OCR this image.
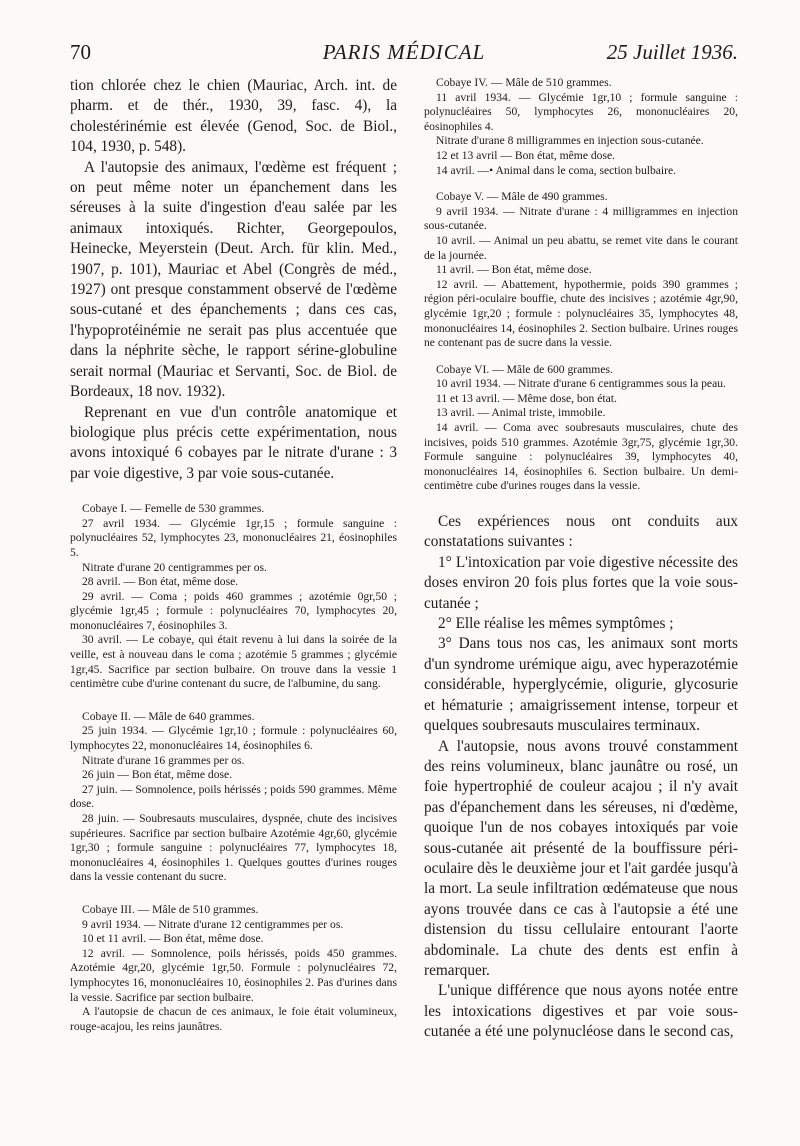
70	PARIS MÉDICAL	25 Juillet 1936.

tion chlorée chez le chien (Mauriac, Arch. int. de pharm. et de thér., 1930, 39, fasc. 4), la cholestérinémie est élevée (Genod, Soc. de Biol., 104, 1930, p. 548).

A l'autopsie des animaux, l'œdème est fréquent ; on peut même noter un épanchement dans les séreuses à la suite d'ingestion d'eau salée par les animaux intoxiqués. Richter, Georgepoulos, Heinecke, Meyerstein (Deut. Arch. für klin. Med., 1907, p. 101), Mauriac et Abel (Congrès de méd., 1927) ont presque constamment observé de l'œdème sous-cutané et des épanchements ; dans ces cas, l'hypoprotéinémie ne serait pas plus accentuée que dans la néphrite sèche, le rapport sérine-globuline serait normal (Mauriac et Servanti, Soc. de Biol. de Bordeaux, 18 nov. 1932).

Reprenant en vue d'un contrôle anatomique et biologique plus précis cette expérimentation, nous avons intoxiqué 6 cobayes par le nitrate d'urane : 3 par voie digestive, 3 par voie sous-cutanée.

Cobaye I. — Femelle de 530 grammes.

27 avril 1934. — Glycémie 1gr,15 ; formule sanguine : polynucléaires 52, lymphocytes 23, mononucléaires 21, éosinophiles 5.

Nitrate d'urane 20 centigrammes per os.

28 avril. — Bon état, même dose.

29 avril. — Coma ; poids 460 grammes ; azotémie 0gr,50 ; glycémie 1gr,45 ; formule : polynucléaires 70, lymphocytes 20, mononucléaires 7, éosinophiles 3.

30 avril. — Le cobaye, qui était revenu à lui dans la soirée de la veille, est à nouveau dans le coma ; azotémie 5 grammes ; glycémie 1gr,45. Sacrifice par section bulbaire. On trouve dans la vessie 1 centimètre cube d'urine contenant du sucre, de l'albumine, du sang.

Cobaye II. — Mâle de 640 grammes.

25 juin 1934. — Glycémie 1gr,10 ; formule : polynucléaires 60, lymphocytes 22, mononucléaires 14, éosinophiles 6.

Nitrate d'urane 16 grammes per os.

26 juin — Bon état, même dose.

27 juin. — Somnolence, poils hérissés ; poids 590 grammes. Même dose.

28 juin. — Soubresauts musculaires, dyspnée, chute des incisives supérieures. Sacrifice par section bulbaire Azotémie 4gr,60, glycémie 1gr,30 ; formule sanguine : polynucléaires 77, lymphocytes 18, mononucléaires 4, éosinophiles 1. Quelques gouttes d'urines rouges dans la vessie contenant du sucre.

Cobaye III. — Mâle de 510 grammes.

9 avril 1934. — Nitrate d'urane 12 centigrammes per os.

10 et 11 avril. — Bon état, même dose.

12 avril. — Somnolence, poils hérissés, poids 450 grammes. Azotémie 4gr,20, glycémie 1gr,50. Formule : polynucléaires 72, lymphocytes 16, mononucléaires 10, éosinophiles 2. Pas d'urines dans la vessie. Sacrifice par section bulbaire.

A l'autopsie de chacun de ces animaux, le foie était volumineux, rouge-acajou, les reins jaunâtres.

Cobaye IV. — Mâle de 510 grammes.

11 avril 1934. — Glycémie 1gr,10 ; formule sanguine : polynucléaires 50, lymphocytes 26, mononucléaires 20, éosinophiles 4.

Nitrate d'urane 8 milligrammes en injection sous-cutanée.

12 et 13 avril — Bon état, même dose.

14 avril. —• Animal dans le coma, section bulbaire.

Cobaye V. — Mâle de 490 grammes.

9 avril 1934. — Nitrate d'urane : 4 milligrammes en injection sous-cutanée.

10 avril. — Animal un peu abattu, se remet vite dans le courant de la journée.

11 avril. — Bon état, même dose.

12 avril. — Abattement, hypothermie, poids 390 grammes ; région péri-oculaire bouffie, chute des incisives ; azotémie 4gr,90, glycémie 1gr,20 ; formule : polynucléaires 35, lymphocytes 48, mononucléaires 14, éosinophiles 2. Section bulbaire. Urines rouges ne contenant pas de sucre dans la vessie.

Cobaye VI. — Mâle de 600 grammes.

10 avril 1934. — Nitrate d'urane 6 centigrammes sous la peau.

11 et 13 avril. — Même dose, bon état.

13 avril. — Animal triste, immobile.

14 avril. — Coma avec soubresauts musculaires, chute des incisives, poids 510 grammes. Azotémie 3gr,75, glycémie 1gr,30. Formule sanguine : polynucléaires 39, lymphocytes 40, mononucléaires 14, éosinophiles 6. Section bulbaire. Un demi-centimètre cube d'urines rouges dans la vessie.

Ces expériences nous ont conduits aux constatations suivantes :

1° L'intoxication par voie digestive nécessite des doses environ 20 fois plus fortes que la voie sous-cutanée ;

2° Elle réalise les mêmes symptômes ;

3° Dans tous nos cas, les animaux sont morts d'un syndrome urémique aigu, avec hyperazotémie considérable, hyperglycémie, oligurie, glycosurie et hématurie ; amaigrissement intense, torpeur et quelques soubresauts musculaires terminaux.

A l'autopsie, nous avons trouvé constamment des reins volumineux, blanc jaunâtre ou rosé, un foie hypertrophié de couleur acajou ; il n'y avait pas d'épanchement dans les séreuses, ni d'œdème, quoique l'un de nos cobayes intoxiqués par voie sous-cutanée ait présenté de la bouffissure péri-oculaire dès le deuxième jour et l'ait gardée jusqu'à la mort. La seule infiltration œdémateuse que nous ayons trouvée dans ce cas à l'autopsie a été une distension du tissu cellulaire entourant l'aorte abdominale. La chute des dents est enfin à remarquer.

L'unique différence que nous ayons notée entre les intoxications digestives et par voie sous-cutanée a été une polynucléose dans le second cas,
